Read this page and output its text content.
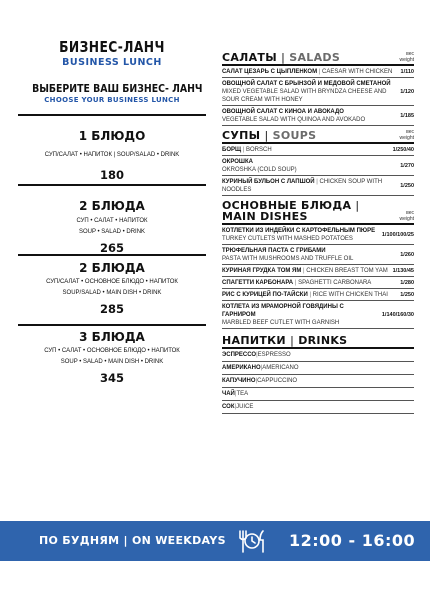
БИЗНЕС-ЛАНЧ
BUSINESS LUNCH
ВЫБЕРИТЕ ВАШ БИЗНЕС- ЛАНЧ
CHOOSE YOUR BUSINESS LUNCH
1 БЛЮДО
СУП/САЛАТ • НАПИТОК | SOUP/SALAD • DRINK
180
2 БЛЮДА
СУП • САЛАТ • НАПИТОК
SOUP • SALAD • DRINK
265
2 БЛЮДА
СУП/САЛАТ • ОСНОВНОЕ БЛЮДО • НАПИТОК
SOUP/SALAD • MAIN DISH • DRINK
285
3 БЛЮДА
СУП • САЛАТ • ОСНОВНОЕ БЛЮДО • НАПИТОК
SOUP • SALAD • MAIN DISH • DRINK
345
САЛАТЫ | SALADS	вес
weight
САЛАТ ЦЕЗАРЬ С ЦЫПЛЕНКОМ | CAESAR WITH CHICKEN	1/110
ОВОЩНОЙ САЛАТ С БРЫНЗОЙ И МЕДОВОЙ СМЕТАНОЙ
MIXED VEGETABLE SALAD WITH BRYNDZA CHEESE AND SOUR CREAM WITH HONEY
1/120
ОВОЩНОЙ САЛАТ С КИНОА И АВОКАДО
VEGETABLE SALAD WITH QUINOA AND AVOKADO
1/185
СУПЫ | SOUPS	вес
weight
БОРЩ | BORSCH	1/250/40
ОКРОШКА
OKROSHKA (COLD SOUP)
1/270
КУРИНЫЙ БУЛЬОН С ЛАПШОЙ | CHICKEN SOUP WITH NOODLES
1/250
ОСНОВНЫЕ БЛЮДА |
MAIN DISHES	вес
weight
КОТЛЕТКИ ИЗ ИНДЕЙКИ С КАРТОФЕЛЬНЫМ ПЮРЕ
TURKEY CUTLETS WITH MASHED POTATOES
1/100/100/25
ТРЮФЕЛЬНАЯ ПАСТА С ГРИБАМИ
PASTA WITH MUSHROOMS AND TRUFFLE OIL
1/260
КУРИНАЯ ГРУДКА ТОМ ЯМ | CHICKEN BREAST TOM YAM 1/130/45
СПАГЕТТИ КАРБОНАРА | SPAGHETTI CARBONARA	1/280
РИС С КУРИЦЕЙ ПО-ТАЙСКИ | RICE WITH CHICKEN THAI	1/250
КОТЛЕТА ИЗ МРАМОРНОЙ ГОВЯДИНЫ С ГАРНИРОМ
MARBLED BEEF CUTLET WITH GARNISH
1/140/160/30
НАПИТКИ | DRINKS
ЭСПРЕССО|ESPRESSO
АМЕРИКАНО|AMERICANO
КАПУЧИНО|CAPPUCCINO
ЧАЙ|TEA
СОК|JUICE
ПО БУДНЯМ | ON WEEKDAYS	12:00 - 16:00
